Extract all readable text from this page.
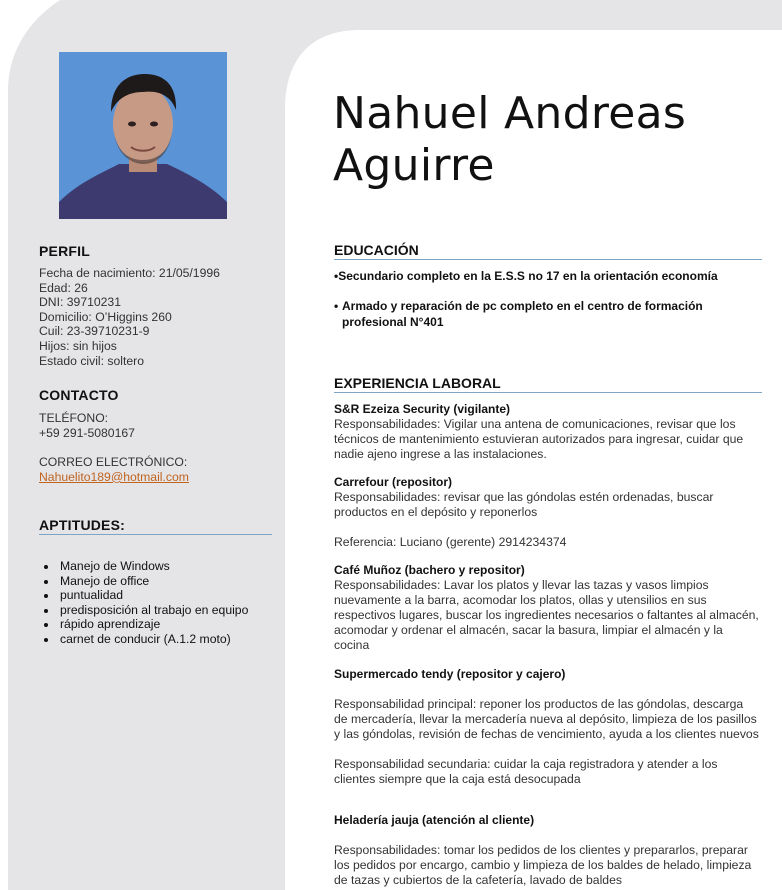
PERFIL
Fecha de nacimiento: 21/05/1996
Edad: 26
DNI: 39710231
Domicilio: O’Higgins 260
Cuil: 23-39710231-9
Hijos: sin hijos
Estado civil: soltero
CONTACTO
TELÉFONO:
+59 291-5080167
CORREO ELECTRÓNICO:
Nahuelito189@hotmail.com
APTITUDES:
• Manejo de Windows
• Manejo de office
• puntualidad
• predisposición al trabajo en equipo
• rápido aprendizaje
• carnet de conducir (A.1.2 moto)
Nahuel Andreas
Aguirre
EDUCACIÓN
•Secundario completo en la E.S.S no 17 en la orientación economía
• Armado y reparación de pc completo en el centro de formación profesional N°401
EXPERIENCIA LABORAL
S&R Ezeiza Security (vigilante)
Responsabilidades: Vigilar una antena de comunicaciones, revisar que los técnicos de mantenimiento estuvieran autorizados para ingresar, cuidar que nadie ajeno ingrese a las instalaciones.
Carrefour (repositor)
Responsabilidades: revisar que las góndolas estén ordenadas, buscar productos en el depósito y reponerlos
Referencia: Luciano (gerente) 2914234374
Café Muñoz (bachero y repositor)
Responsabilidades: Lavar los platos y llevar las tazas y vasos limpios nuevamente a la barra, acomodar los platos, ollas y utensilios en sus respectivos lugares, buscar los ingredientes necesarios o faltantes al almacén, acomodar y ordenar el almacén, sacar la basura, limpiar el almacén y la cocina
Supermercado tendy (repositor y cajero)
Responsabilidad principal: reponer los productos de las góndolas, descarga de mercadería, llevar la mercadería nueva al depósito, limpieza de los pasillos y las góndolas, revisión de fechas de vencimiento, ayuda a los clientes nuevos
Responsabilidad secundaria: cuidar la caja registradora y atender a los clientes siempre que la caja está desocupada
Heladería jauja (atención al cliente)
Responsabilidades: tomar los pedidos de los clientes y prepararlos, preparar los pedidos por encargo, cambio y limpieza de los baldes de helado, limpieza de tazas y cubiertos de la cafetería, lavado de baldes
